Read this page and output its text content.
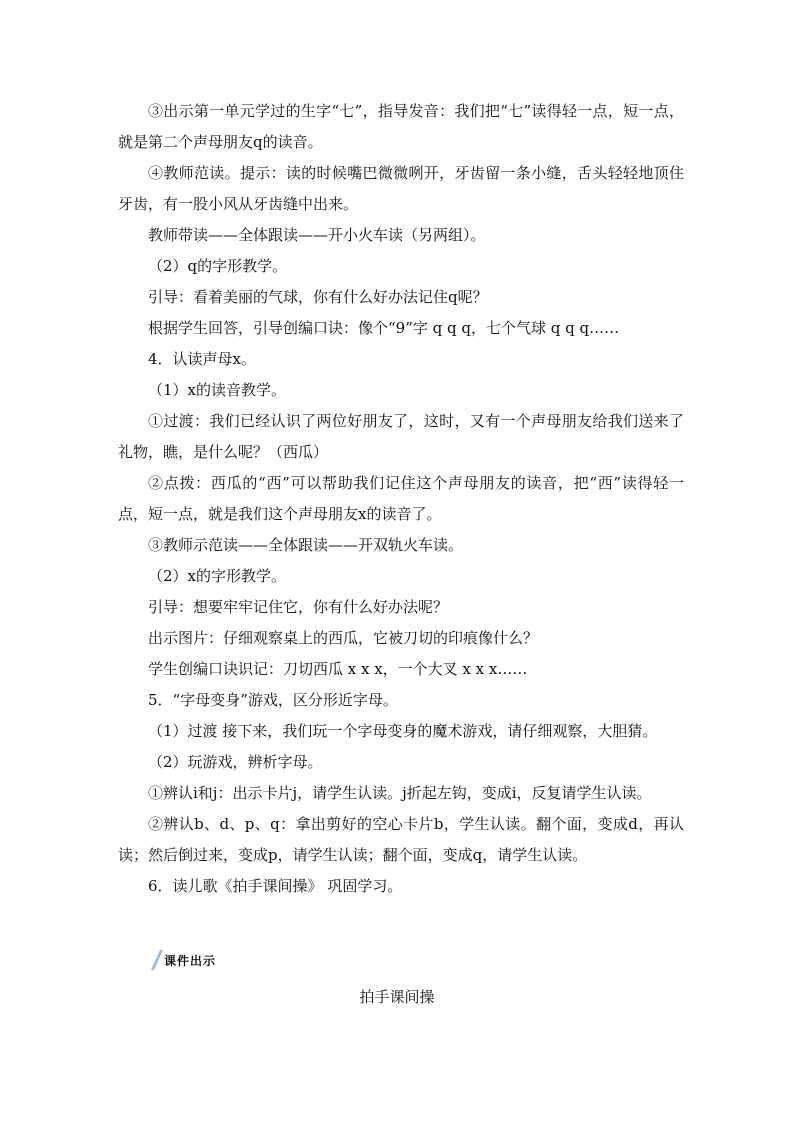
③出示第一单元学过的生字“七”，指导发音：我们把“七”读得轻一点，短一点，就是第二个声母朋友q的读音。

④教师范读。提示：读的时候嘴巴微微咧开，牙齿留一条小缝，舌头轻轻地顶住牙齿，有一股小风从牙齿缝中出来。

教师带读——全体跟读——开小火车读（另两组）。

（2）q的字形教学。

引导：看着美丽的气球，你有什么好办法记住q呢？

根据学生回答，引导创编口诀：像个“9”字 q q q，七个气球 q q q……

4．认读声母x。

（1）x的读音教学。

①过渡：我们已经认识了两位好朋友了，这时，又有一个声母朋友给我们送来了礼物，瞧，是什么呢？（西瓜）

②点拨：西瓜的“西”可以帮助我们记住这个声母朋友的读音，把“西”读得轻一点，短一点，就是我们这个声母朋友x的读音了。

③教师示范读——全体跟读——开双轨火车读。

（2）x的字形教学。

引导：想要牢牢记住它，你有什么好办法呢？

出示图片：仔细观察桌上的西瓜，它被刀切的印痕像什么？

学生创编口诀识记：刀切西瓜 x x x，一个大叉 x x x……

5．“字母变身”游戏，区分形近字母。

（1）过渡 接下来，我们玩一个字母变身的魔术游戏，请仔细观察，大胆猜。

（2）玩游戏，辨析字母。

①辨认i和j：出示卡片j，请学生认读。j折起左钩，变成i，反复请学生认读。

②辨认b、d、p、q：拿出剪好的空心卡片b，学生认读。翻个面，变成d，再认读；然后倒过来，变成p，请学生认读；翻个面，变成q，请学生认读。

6．读儿歌《拍手课间操》 巩固学习。

课件出示
拍手课间操
